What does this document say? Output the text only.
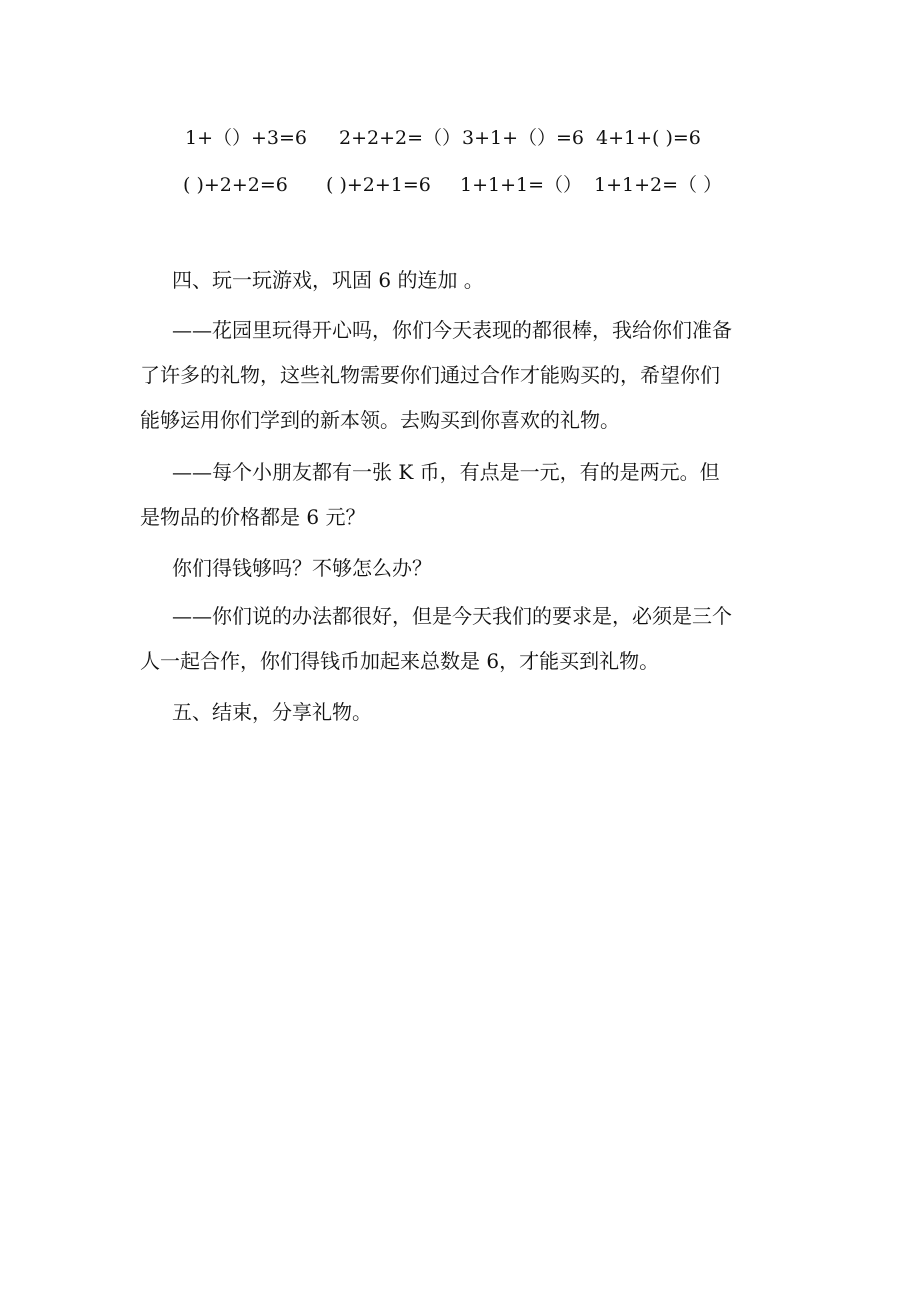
1+（）+3=6 2+2+2=（） 3+1+（）=6 4+1+( )=6
( )+2+2=6 ( )+2+1=6 1+1+1=（） 1+1+2=（ ）
四、玩一玩游戏，巩固 6 的连加 。
——花园里玩得开心吗，你们今天表现的都很棒，我给你们准备
了许多的礼物，这些礼物需要你们通过合作才能购买的，希望你们
能够运用你们学到的新本领。去购买到你喜欢的礼物。
——每个小朋友都有一张 K 币，有点是一元，有的是两元。但
是物品的价格都是 6 元？
你们得钱够吗？不够怎么办？
——你们说的办法都很好，但是今天我们的要求是，必须是三个
人一起合作，你们得钱币加起来总数是 6，才能买到礼物。
五、结束，分享礼物。
